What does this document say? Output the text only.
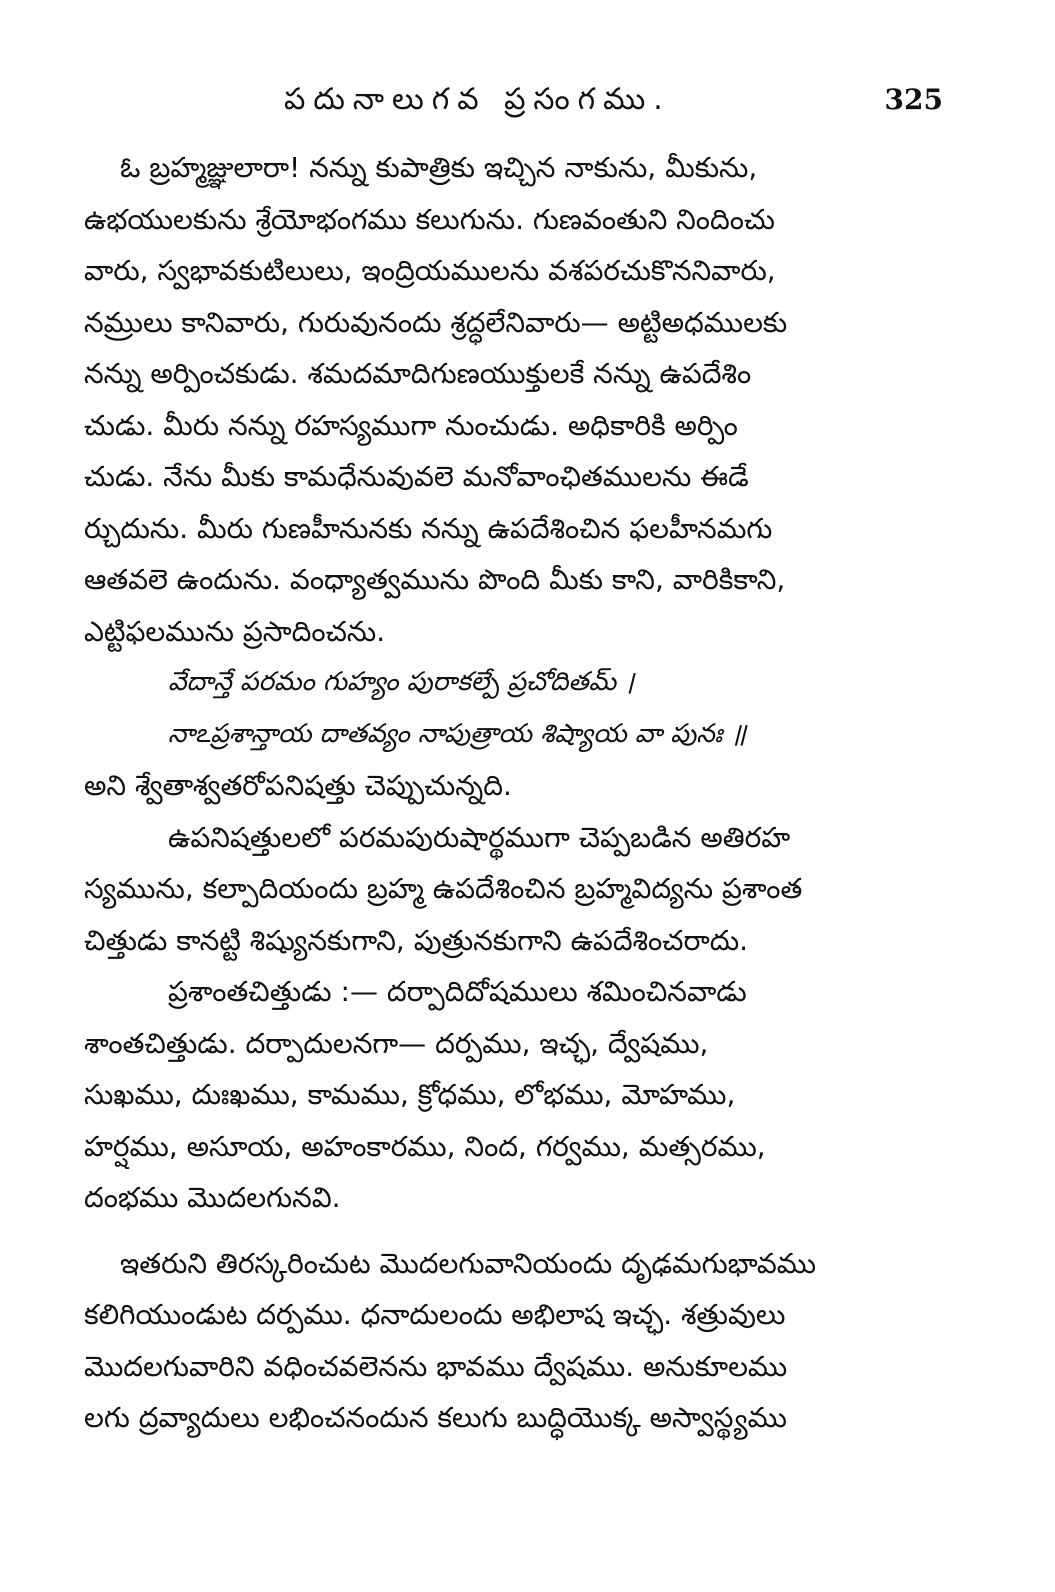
పదునాలుగవ ప్రసంగము.	325

ఓ బ్రహ్మజ్ఞులారా! నన్ను కుపాత్రికు ఇచ్చిన నాకును, మీకును,
ఉభయులకును శ్రేయోభంగము కలుగును. గుణవంతుని నిందించు
వారు, స్వభావకుటిలులు, ఇంద్రియములను వశపరచుకొననివారు,
నమ్రులు కానివారు, గురువునందు శ్రద్ధలేనివారు— అట్టిఅధములకు
నన్ను అర్పించకుడు. శమదమాదిగుణయుక్తులకే నన్ను ఉపదేశిం
చుడు. మీరు నన్ను రహస్యముగా నుంచుడు. అధికారికి అర్పిం
చుడు. నేను మీకు కామధేనువువలె మనోవాంఛితములను ఈడే
ర్చుదును. మీరు గుణహీనునకు నన్ను ఉపదేశించిన ఫలహీనమగు
ఆతవలె ఉందును. వంధ్యాత్వమును పొంది మీకు కాని, వారికికాని,
ఎట్టిఫలమును ప్రసాదించను.

వేదాన్తే పరమం గుహ్యం పురాకల్పే ప్రచోదితమ్ ।
నాఽప్రశాన్తాయ దాతవ్యం నాపుత్రాయ శిష్యాయ వా పునః ॥

అని శ్వేతాశ్వతరోపనిషత్తు చెప్పుచున్నది.

ఉపనిషత్తులలో పరమపురుషార్థముగా చెప్పబడిన అతిరహ
స్యమును, కల్పాదియందు బ్రహ్మ ఉపదేశించిన బ్రహ్మవిద్యను ప్రశాంత
చిత్తుడు కానట్టి శిష్యునకుగాని, పుత్రునకుగాని ఉపదేశించరాదు.

ప్రశాంతచిత్తుడు :— దర్పాదిదోషములు శమించినవాడు
శాంతచిత్తుడు. దర్పాదులనగా— దర్పము, ఇచ్ఛ, ద్వేషము,
సుఖము, దుఃఖము, కామము, క్రోధము, లోభము, మోహము,
హర్షము, అసూయ, అహంకారము, నింద, గర్వము, మత్సరము,
దంభము మొదలగునవి.

ఇతరుని తిరస్కరించుట మొదలగువానియందు దృఢమగుభావము
కలిగియుండుట దర్పము. ధనాదులందు అభిలాష ఇచ్ఛ. శత్రువులు
మొదలగువారిని వధించవలెనను భావము ద్వేషము. అనుకూలము
లగు ద్రవ్యాదులు లభించనందున కలుగు బుద్ధియొక్క అస్వాస్థ్యము
